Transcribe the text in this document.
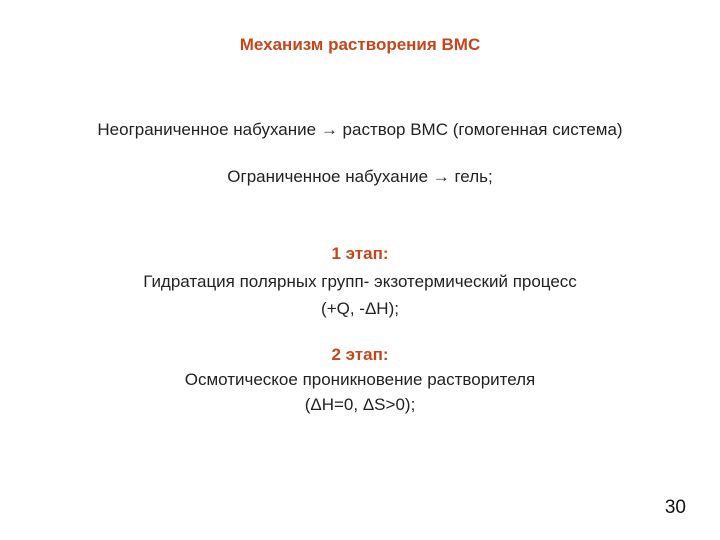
Механизм растворения ВМС
Неограниченное набухание → раствор ВМС (гомогенная система)
Ограниченное набухание → гель;
1 этап:
Гидратация полярных групп- экзотермический процесс
(+Q, -ΔH);
2 этап:
Осмотическое проникновение растворителя
(ΔH=0, ΔS>0);
30
